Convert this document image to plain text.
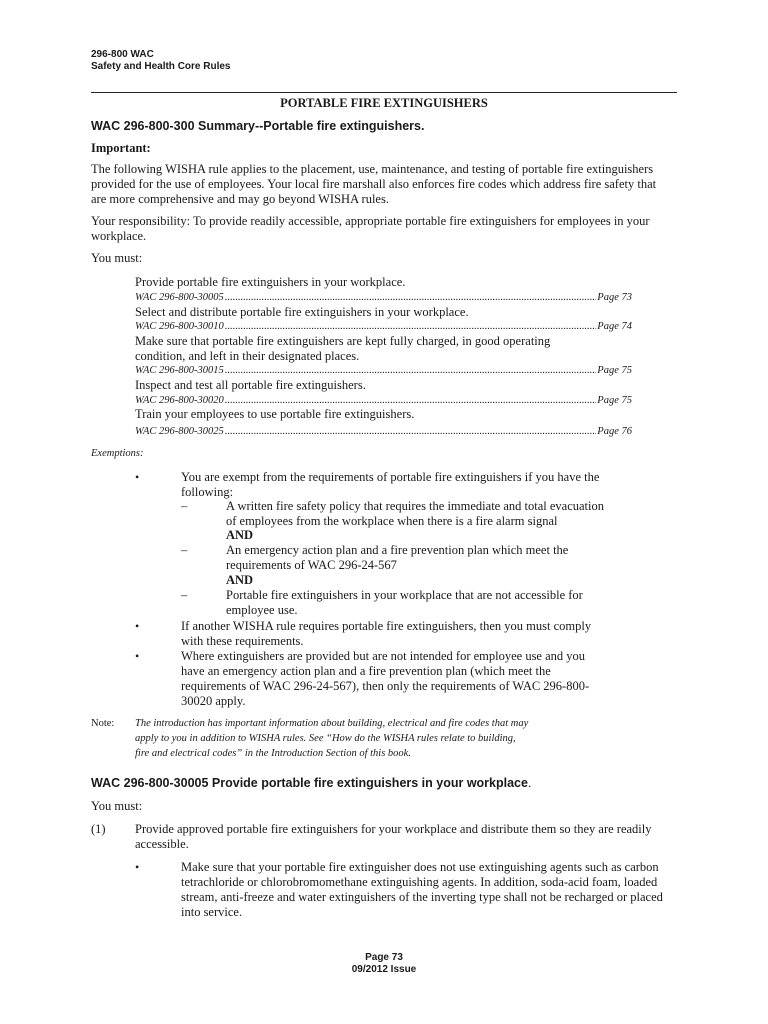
296-800 WAC
Safety and Health Core Rules
PORTABLE FIRE EXTINGUISHERS
WAC 296-800-300 Summary--Portable fire extinguishers.
Important:
The following WISHA rule applies to the placement, use, maintenance, and testing of portable fire extinguishers
provided for the use of employees. Your local fire marshall also enforces fire codes which address fire safety that
are more comprehensive and may go beyond WISHA rules.
Your responsibility: To provide readily accessible, appropriate portable fire extinguishers for employees in your
workplace.
You must:
Provide portable fire extinguishers in your workplace.
WAC 296-800-30005 .....	Page 73
Select and distribute portable fire extinguishers in your workplace.
WAC 296-800-30010 .....	Page 74
Make sure that portable fire extinguishers are kept fully charged, in good operating
condition, and left in their designated places.
WAC 296-800-30015 .....	Page 75
Inspect and test all portable fire extinguishers.
WAC 296-800-30020 .....	Page 75
Train your employees to use portable fire extinguishers.
WAC 296-800-30025 .....	Page 76
Exemptions:
•	You are exempt from the requirements of portable fire extinguishers if you have the
following:
–	A written fire safety policy that requires the immediate and total evacuation
of employees from the workplace when there is a fire alarm signal
AND
–	An emergency action plan and a fire prevention plan which meet the
requirements of WAC 296-24-567
AND
–	Portable fire extinguishers in your workplace that are not accessible for
employee use.
•	If another WISHA rule requires portable fire extinguishers, then you must comply
with these requirements.
•	Where extinguishers are provided but are not intended for employee use and you
have an emergency action plan and a fire prevention plan (which meet the
requirements of WAC 296-24-567), then only the requirements of WAC 296-800-
30020 apply.
Note: The introduction has important information about building, electrical and fire codes that may
apply to you in addition to WISHA rules. See “How do the WISHA rules relate to building,
fire and electrical codes” in the Introduction Section of this book.
WAC 296-800-30005 Provide portable fire extinguishers in your workplace.
You must:
(1) Provide approved portable fire extinguishers for your workplace and distribute them so they are readily
accessible.
•	Make sure that your portable fire extinguisher does not use extinguishing agents such as carbon
tetrachloride or chlorobromomethane extinguishing agents. In addition, soda-acid foam, loaded
stream, anti-freeze and water extinguishers of the inverting type shall not be recharged or placed
into service.
Page 73
09/2012 Issue
